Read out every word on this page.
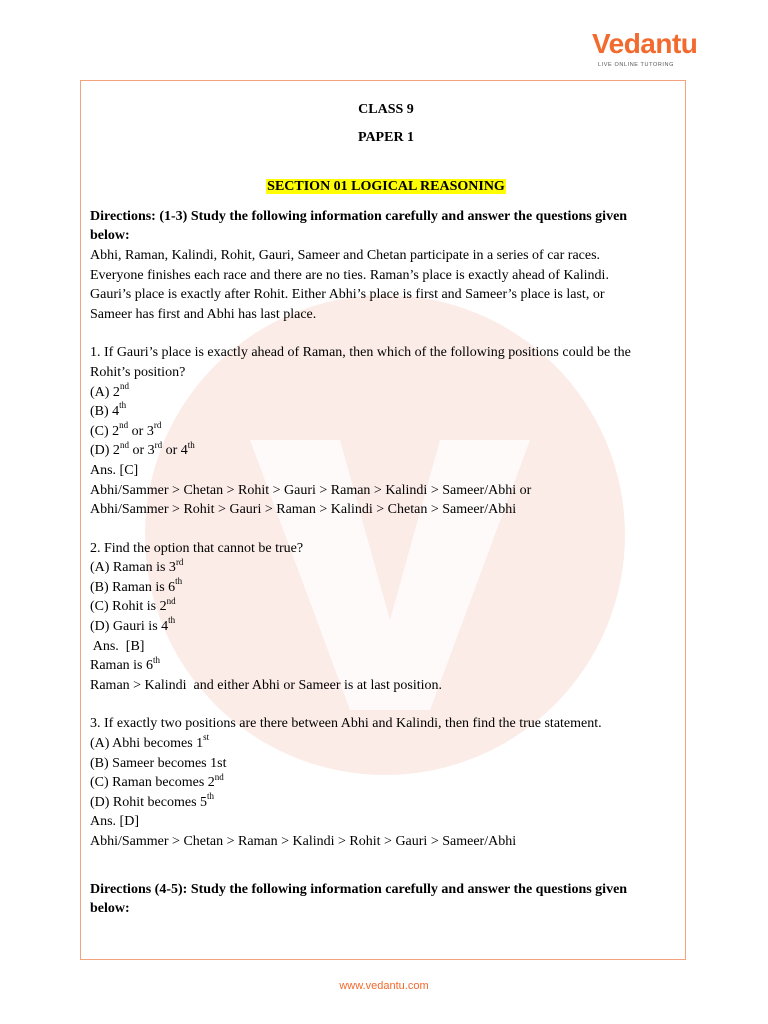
Vedantu
LIVE ONLINE TUTORING
CLASS 9
PAPER 1
SECTION 01 LOGICAL REASONING
Directions: (1-3) Study the following information carefully and answer the questions given
below:
Abhi, Raman, Kalindi, Rohit, Gauri, Sameer and Chetan participate in a series of car races.
Everyone finishes each race and there are no ties. Raman’s place is exactly ahead of Kalindi.
Gauri’s place is exactly after Rohit. Either Abhi’s place is first and Sameer’s place is last, or
Sameer has first and Abhi has last place.
1. If Gauri’s place is exactly ahead of Raman, then which of the following positions could be the
Rohit’s position?
(A) 2nd
(B) 4th
(C) 2nd or 3rd
(D) 2nd or 3rd or 4th
Ans. [C]
Abhi/Sammer > Chetan > Rohit > Gauri > Raman > Kalindi > Sameer/Abhi or
Abhi/Sammer > Rohit > Gauri > Raman > Kalindi > Chetan > Sameer/Abhi
2. Find the option that cannot be true?
(A) Raman is 3rd
(B) Raman is 6th
(C) Rohit is 2nd
(D) Gauri is 4th
Ans.  [B]
Raman is 6th
Raman > Kalindi  and either Abhi or Sameer is at last position.
3. If exactly two positions are there between Abhi and Kalindi, then find the true statement.
(A) Abhi becomes 1st
(B) Sameer becomes 1st
(C) Raman becomes 2nd
(D) Rohit becomes 5th
Ans. [D]
Abhi/Sammer > Chetan > Raman > Kalindi > Rohit > Gauri > Sameer/Abhi
Directions (4-5): Study the following information carefully and answer the questions given
below:
www.vedantu.com
